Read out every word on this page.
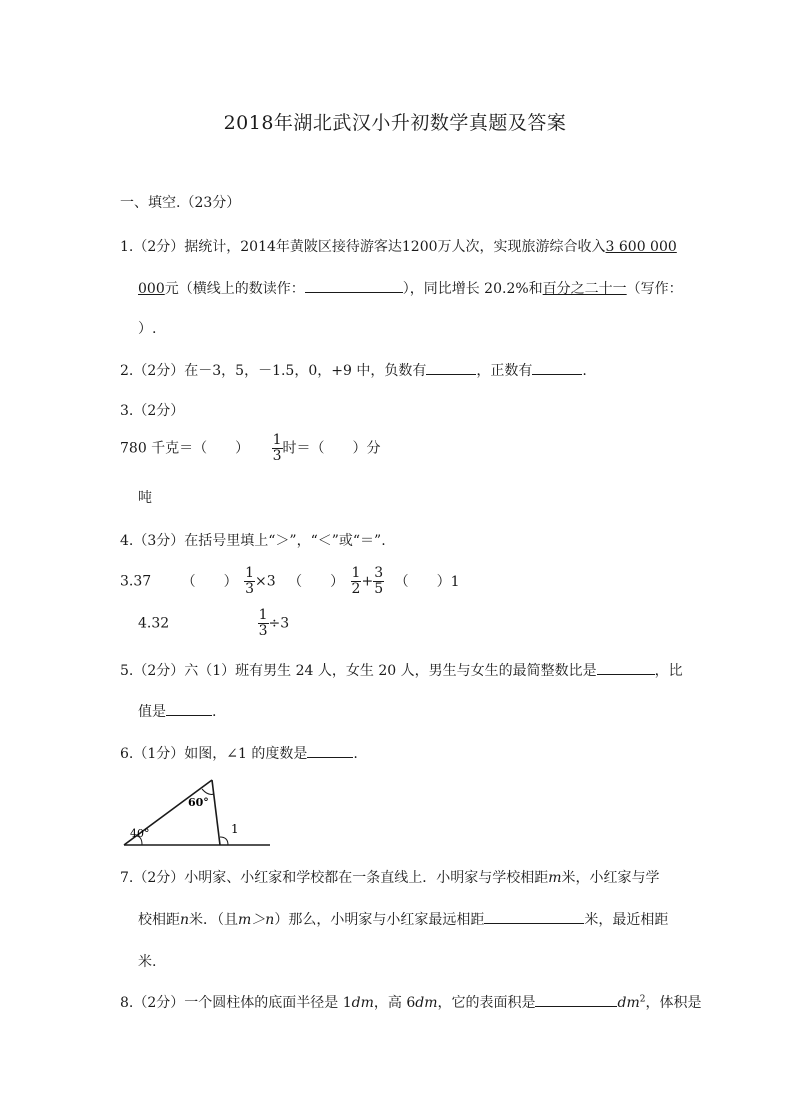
2018年湖北武汉小升初数学真题及答案
一、填空.（23分）
1.（2分）据统计，2014年黄陂区接待游客达1200万人次，实现旅游综合收入3 600 000
000元（横线上的数读作：	），同比增长 20.2%和百分之二十一（写作：
）.
2.（2分）在－3，5，－1.5，0，+9 中，负数有	，正数有	.
3.（2分）
780 千克＝（　　） $\frac{1}{3}$ 时＝（　　）分
吨
4.（3分）在括号里填上“＞”，“＜”或“＝”.
3.37 （　　） $\frac{1}{3} \times 3$ （　　） $\frac{1}{2} + \frac{3}{5}$ （　　）1
4.32	$\frac{1}{3} \div 3$
5.（2分）六（1）班有男生 24 人，女生 20 人，男生与女生的最简整数比是	，比
值是	.
6.（1分）如图，∠1 的度数是	.
60°
40°	1
7.（2分）小明家、小红家和学校都在一条直线上．小明家与学校相距m米，小红家与学
校相距n米．（且m＞n）那么，小明家与小红家最远相距	米，最近相距
米.
8.（2分）一个圆柱体的底面半径是 1dm，高 6dm，它的表面积是	$dm^2$，体积是
